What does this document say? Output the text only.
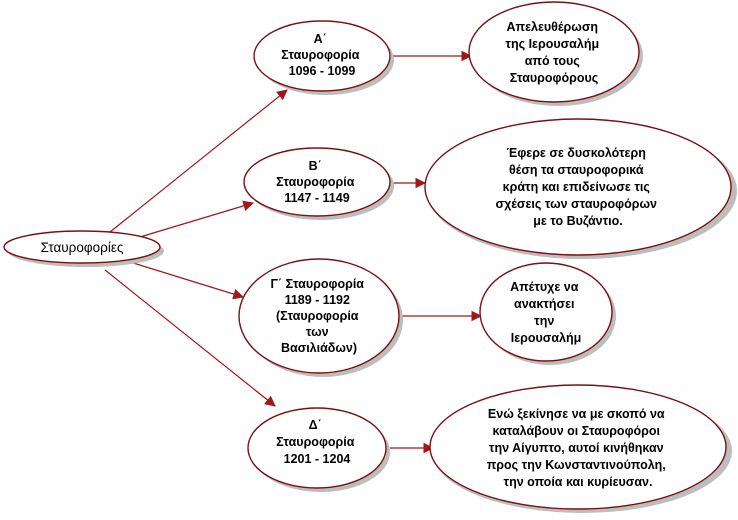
Σταυροφορίες
Α΄ Σταυροφορία 1096 - 1099
Β΄ Σταυροφορία 1147 - 1149
Γ΄ Σταυροφορία 1189 - 1192 (Σταυροφορία των Βασιλιάδων)
Δ΄ Σταυροφορία 1201 - 1204
Απελευθέρωση της Ιερουσαλήμ από τους Σταυροφόρους
Έφερε σε δυσκολότερη θέση τα σταυροφορικά κράτη και επιδείνωσε τις σχέσεις των σταυροφόρων με το Βυζάντιο.
Απέτυχε να ανακτήσει την Ιερουσαλήμ
Ενώ ξεκίνησε να με σκοπό να καταλάβουν οι Σταυροφόροι την Αίγυπτο, αυτοί κινήθηκαν προς την Κωνσταντινούπολη, την οποία και κυρίευσαν.
